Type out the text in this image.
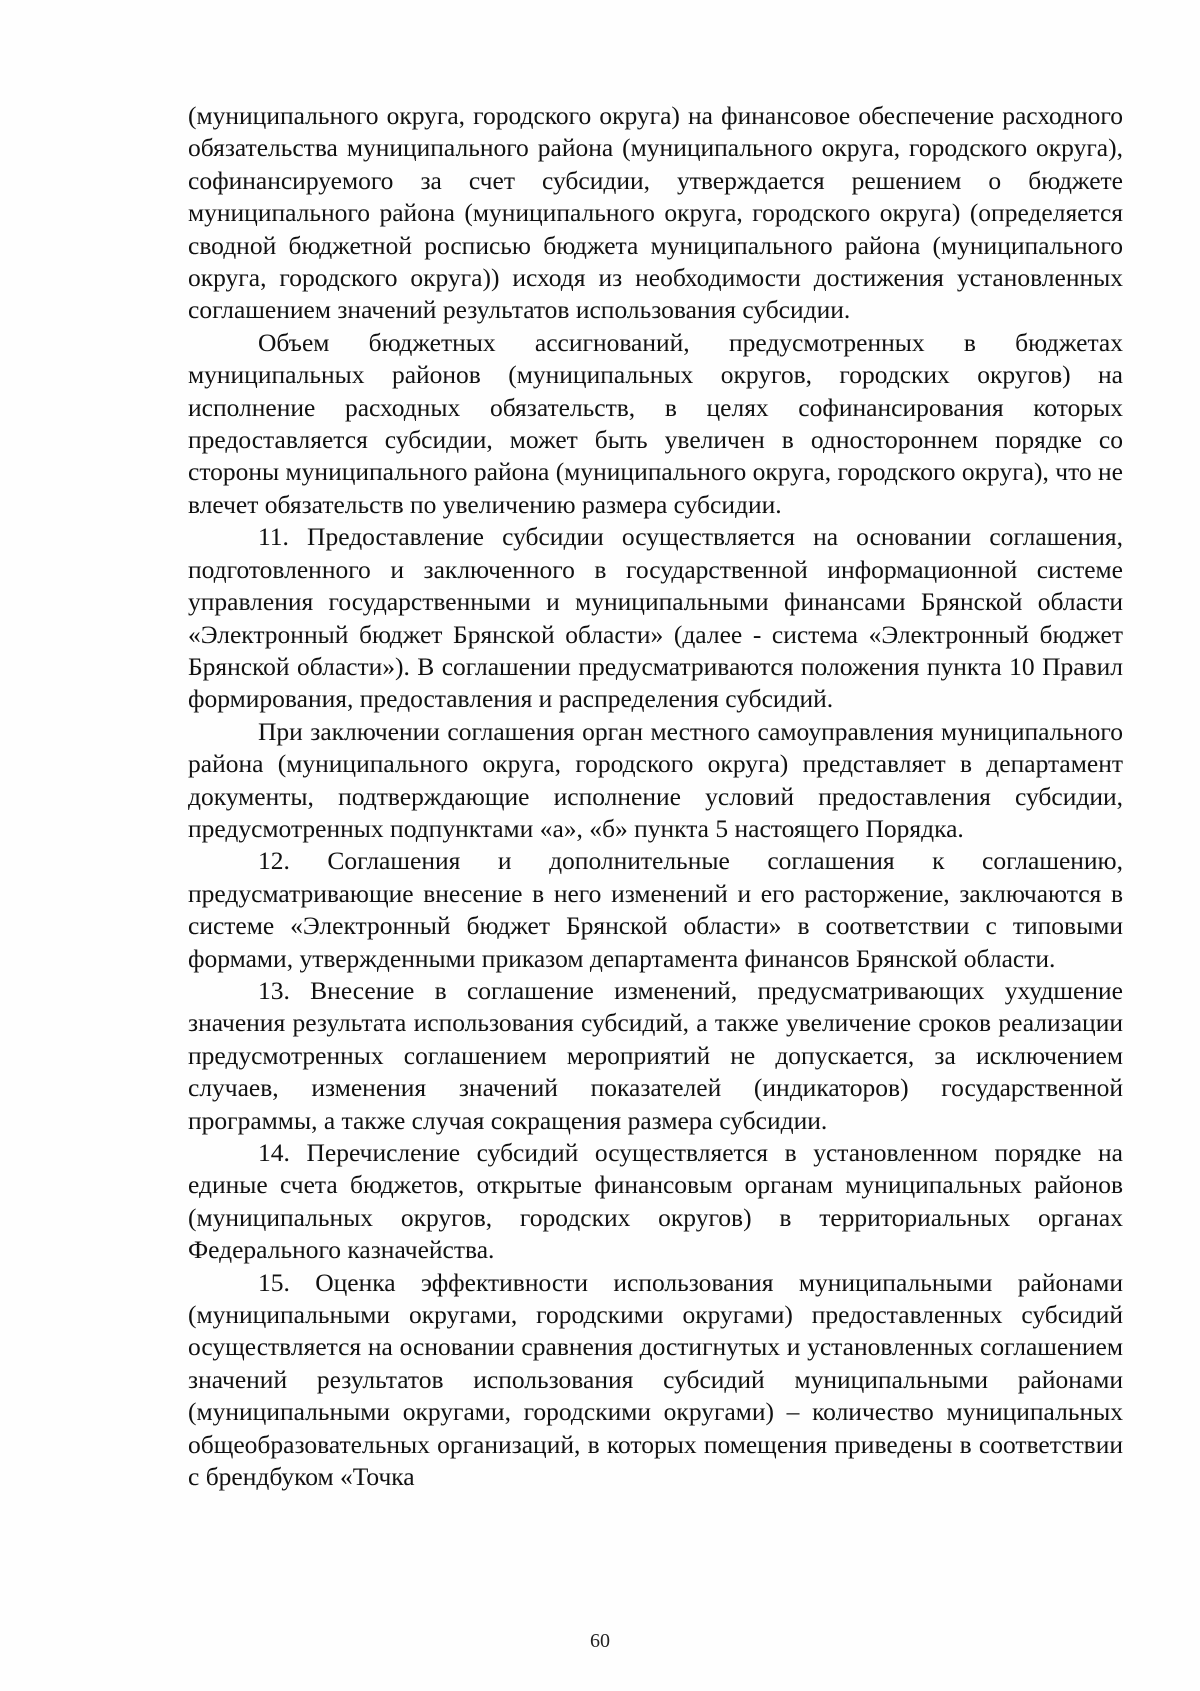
(муниципального округа, городского округа) на финансовое обеспечение расходного обязательства муниципального района (муниципального округа, городского округа), софинансируемого за счет субсидии, утверждается решением о бюджете муниципального района (муниципального округа, городского округа) (определяется сводной бюджетной росписью бюджета муниципального района (муниципального округа, городского округа)) исходя из необходимости достижения установленных соглашением значений результатов использования субсидии.

Объем бюджетных ассигнований, предусмотренных в бюджетах муниципальных районов (муниципальных округов, городских округов) на исполнение расходных обязательств, в целях софинансирования которых предоставляется субсидии, может быть увеличен в одностороннем порядке со стороны муниципального района (муниципального округа, городского округа), что не влечет обязательств по увеличению размера субсидии.

11. Предоставление субсидии осуществляется на основании соглашения, подготовленного и заключенного в государственной информационной системе управления государственными и муниципальными финансами Брянской области «Электронный бюджет Брянской области» (далее - система «Электронный бюджет Брянской области»). В соглашении предусматриваются положения пункта 10 Правил формирования, предоставления и распределения субсидий.

При заключении соглашения орган местного самоуправления муниципального района (муниципального округа, городского округа) представляет в департамент документы, подтверждающие исполнение условий предоставления субсидии, предусмотренных подпунктами «а», «б» пункта 5 настоящего Порядка.

12. Соглашения и дополнительные соглашения к соглашению, предусматривающие внесение в него изменений и его расторжение, заключаются в системе «Электронный бюджет Брянской области» в соответствии с типовыми формами, утвержденными приказом департамента финансов Брянской области.

13. Внесение в соглашение изменений, предусматривающих ухудшение значения результата использования субсидий, а также увеличение сроков реализации предусмотренных соглашением мероприятий не допускается, за исключением случаев, изменения значений показателей (индикаторов) государственной программы, а также случая сокращения размера субсидии.

14. Перечисление субсидий осуществляется в установленном порядке на единые счета бюджетов, открытые финансовым органам муниципальных районов (муниципальных округов, городских округов) в территориальных органах Федерального казначейства.

15. Оценка эффективности использования муниципальными районами (муниципальными округами, городскими округами) предоставленных субсидий осуществляется на основании сравнения достигнутых и установленных соглашением значений результатов использования субсидий муниципальными районами (муниципальными округами, городскими округами) – количество муниципальных общеобразовательных организаций, в которых помещения приведены в соответствии с брендбуком «Точка

60
